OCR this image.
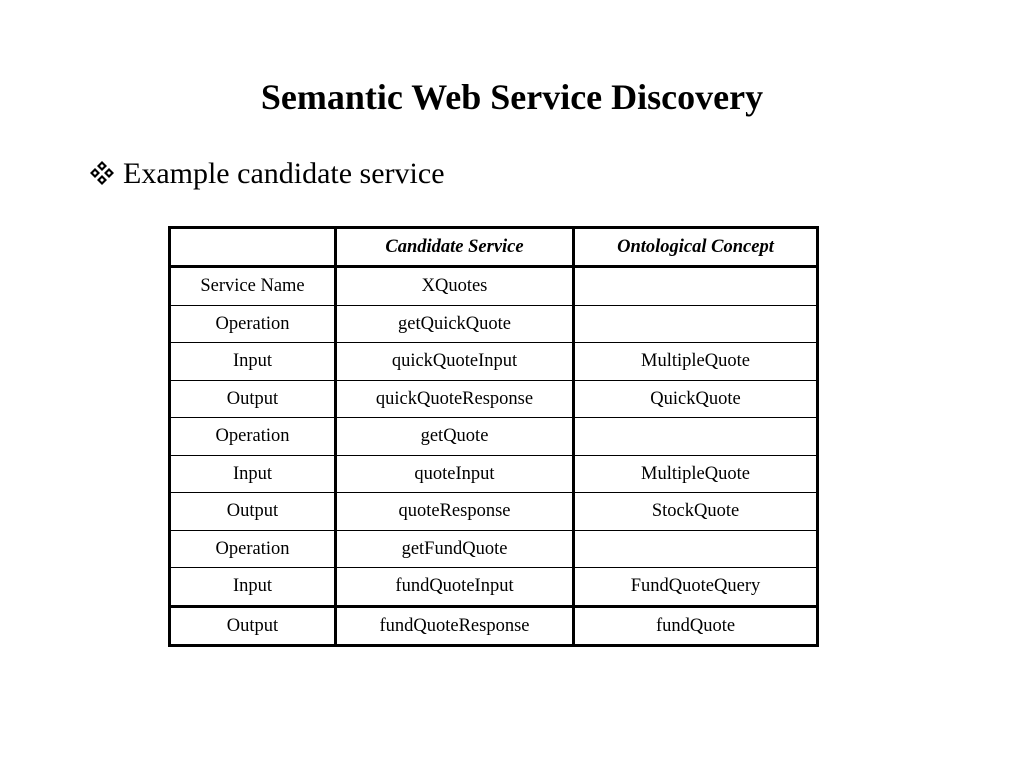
Semantic Web Service Discovery
Example candidate service
	Candidate Service	Ontological Concept
Service Name	XQuotes	
Operation	getQuickQuote	
Input	quickQuoteInput	MultipleQuote
Output	quickQuoteResponse	QuickQuote
Operation	getQuote	
Input	quoteInput	MultipleQuote
Output	quoteResponse	StockQuote
Operation	getFundQuote	
Input	fundQuoteInput	FundQuoteQuery
Output	fundQuoteResponse	fundQuote
